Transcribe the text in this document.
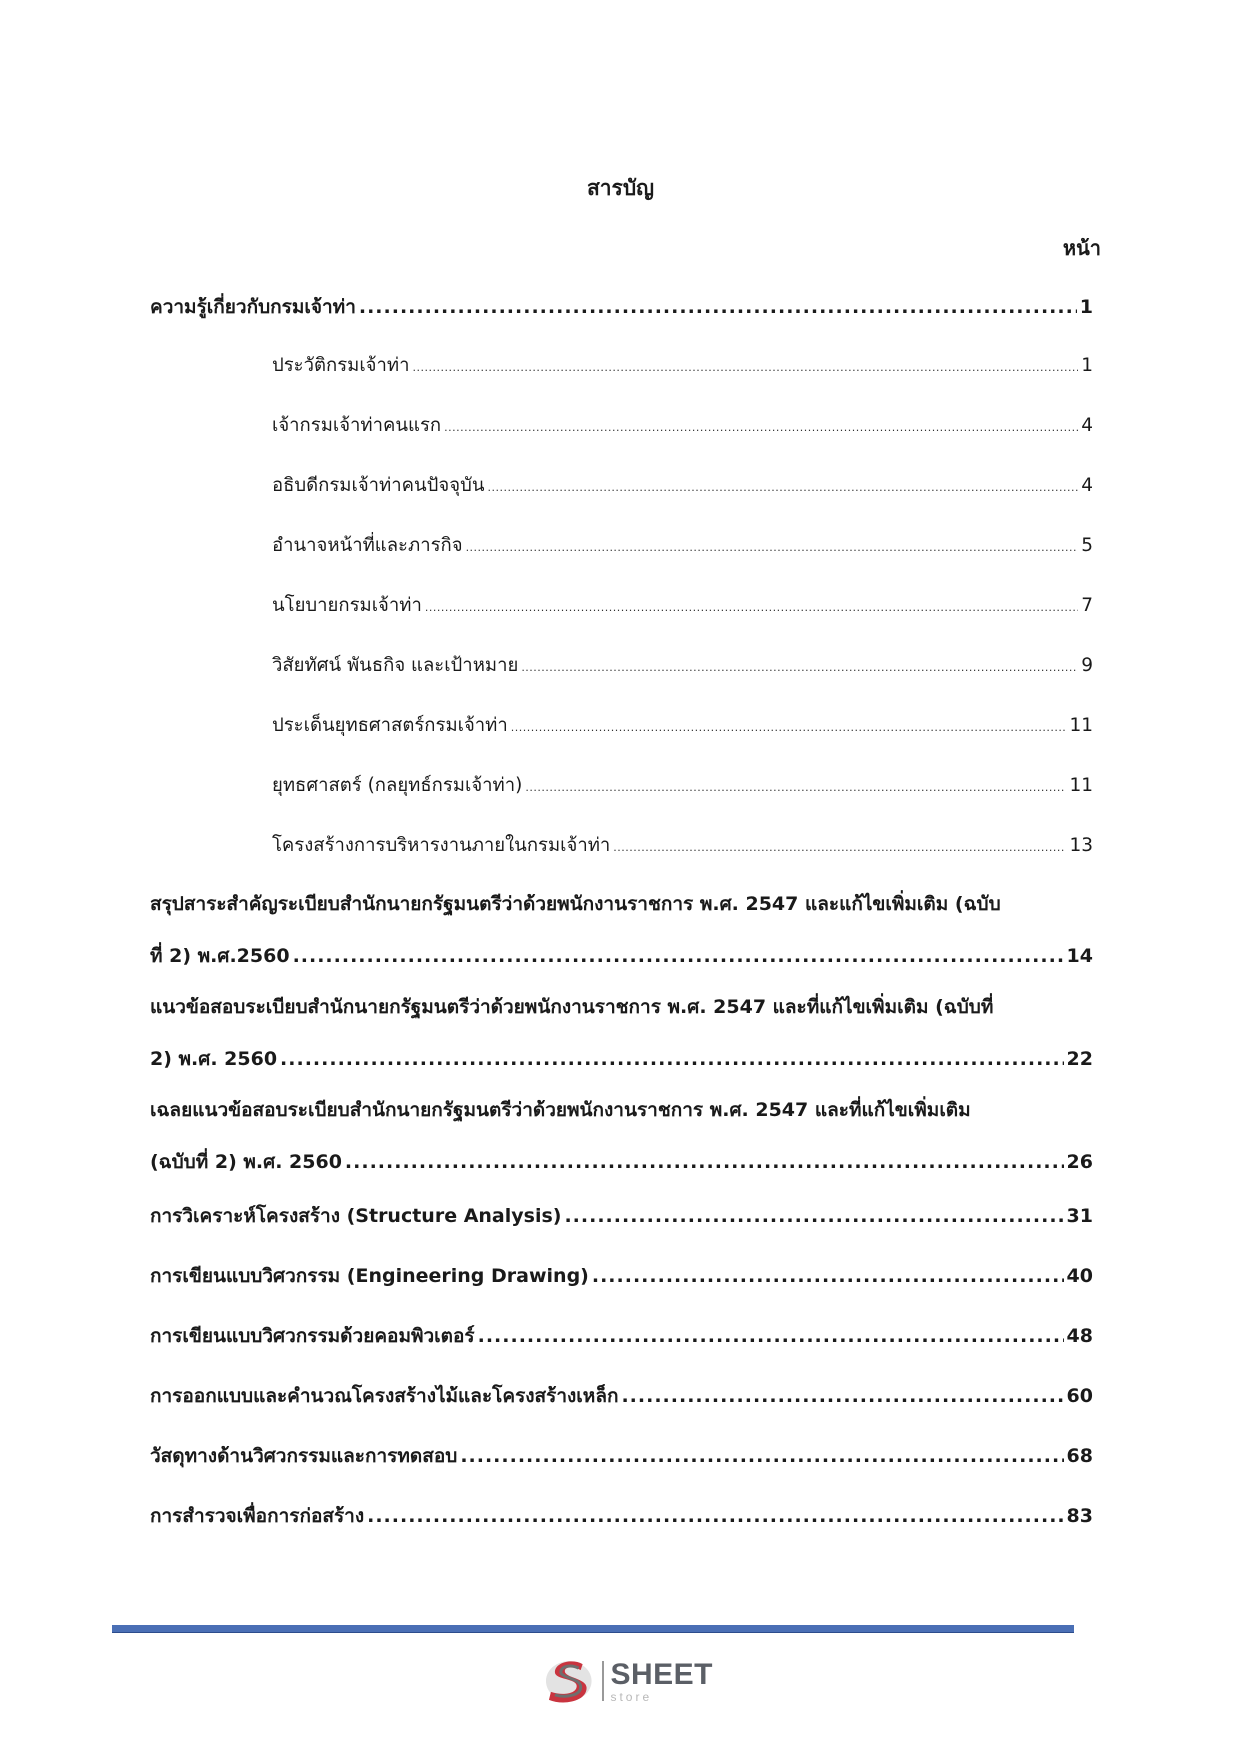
สารบัญ
หน้า
ความรู้เกี่ยวกับกรมเจ้าท่า .....	1
ประวัติกรมเจ้าท่า .....	1
เจ้ากรมเจ้าท่าคนแรก .....	4
อธิบดีกรมเจ้าท่าคนปัจจุบัน .....	4
อำนาจหน้าที่และภารกิจ .....	5
นโยบายกรมเจ้าท่า .....	7
วิสัยทัศน์ พันธกิจ และเป้าหมาย .....	9
ประเด็นยุทธศาสตร์กรมเจ้าท่า .....	11
ยุทธศาสตร์ (กลยุทธ์กรมเจ้าท่า) .....	11
โครงสร้างการบริหารงานภายในกรมเจ้าท่า .....	13
สรุปสาระสำคัญระเบียบสำนักนายกรัฐมนตรีว่าด้วยพนักงานราชการ พ.ศ. 2547 และแก้ไขเพิ่มเติม (ฉบับ
ที่ 2) พ.ศ.2560 .....	14
แนวข้อสอบระเบียบสำนักนายกรัฐมนตรีว่าด้วยพนักงานราชการ พ.ศ. 2547 และที่แก้ไขเพิ่มเติม (ฉบับที่
2) พ.ศ. 2560 .....	22
เฉลยแนวข้อสอบระเบียบสำนักนายกรัฐมนตรีว่าด้วยพนักงานราชการ พ.ศ. 2547 และที่แก้ไขเพิ่มเติม
(ฉบับที่ 2) พ.ศ. 2560 .....	26
การวิเคราะห์โครงสร้าง (Structure Analysis) .....	31
การเขียนแบบวิศวกรรม (Engineering Drawing) .....	40
การเขียนแบบวิศวกรรมด้วยคอมพิวเตอร์ .....	48
การออกแบบและคำนวณโครงสร้างไม้และโครงสร้างเหล็ก .....	60
วัสดุทางด้านวิศวกรรมและการทดสอบ .....	68
การสำรวจเพื่อการก่อสร้าง .....	83
SHEET
store
